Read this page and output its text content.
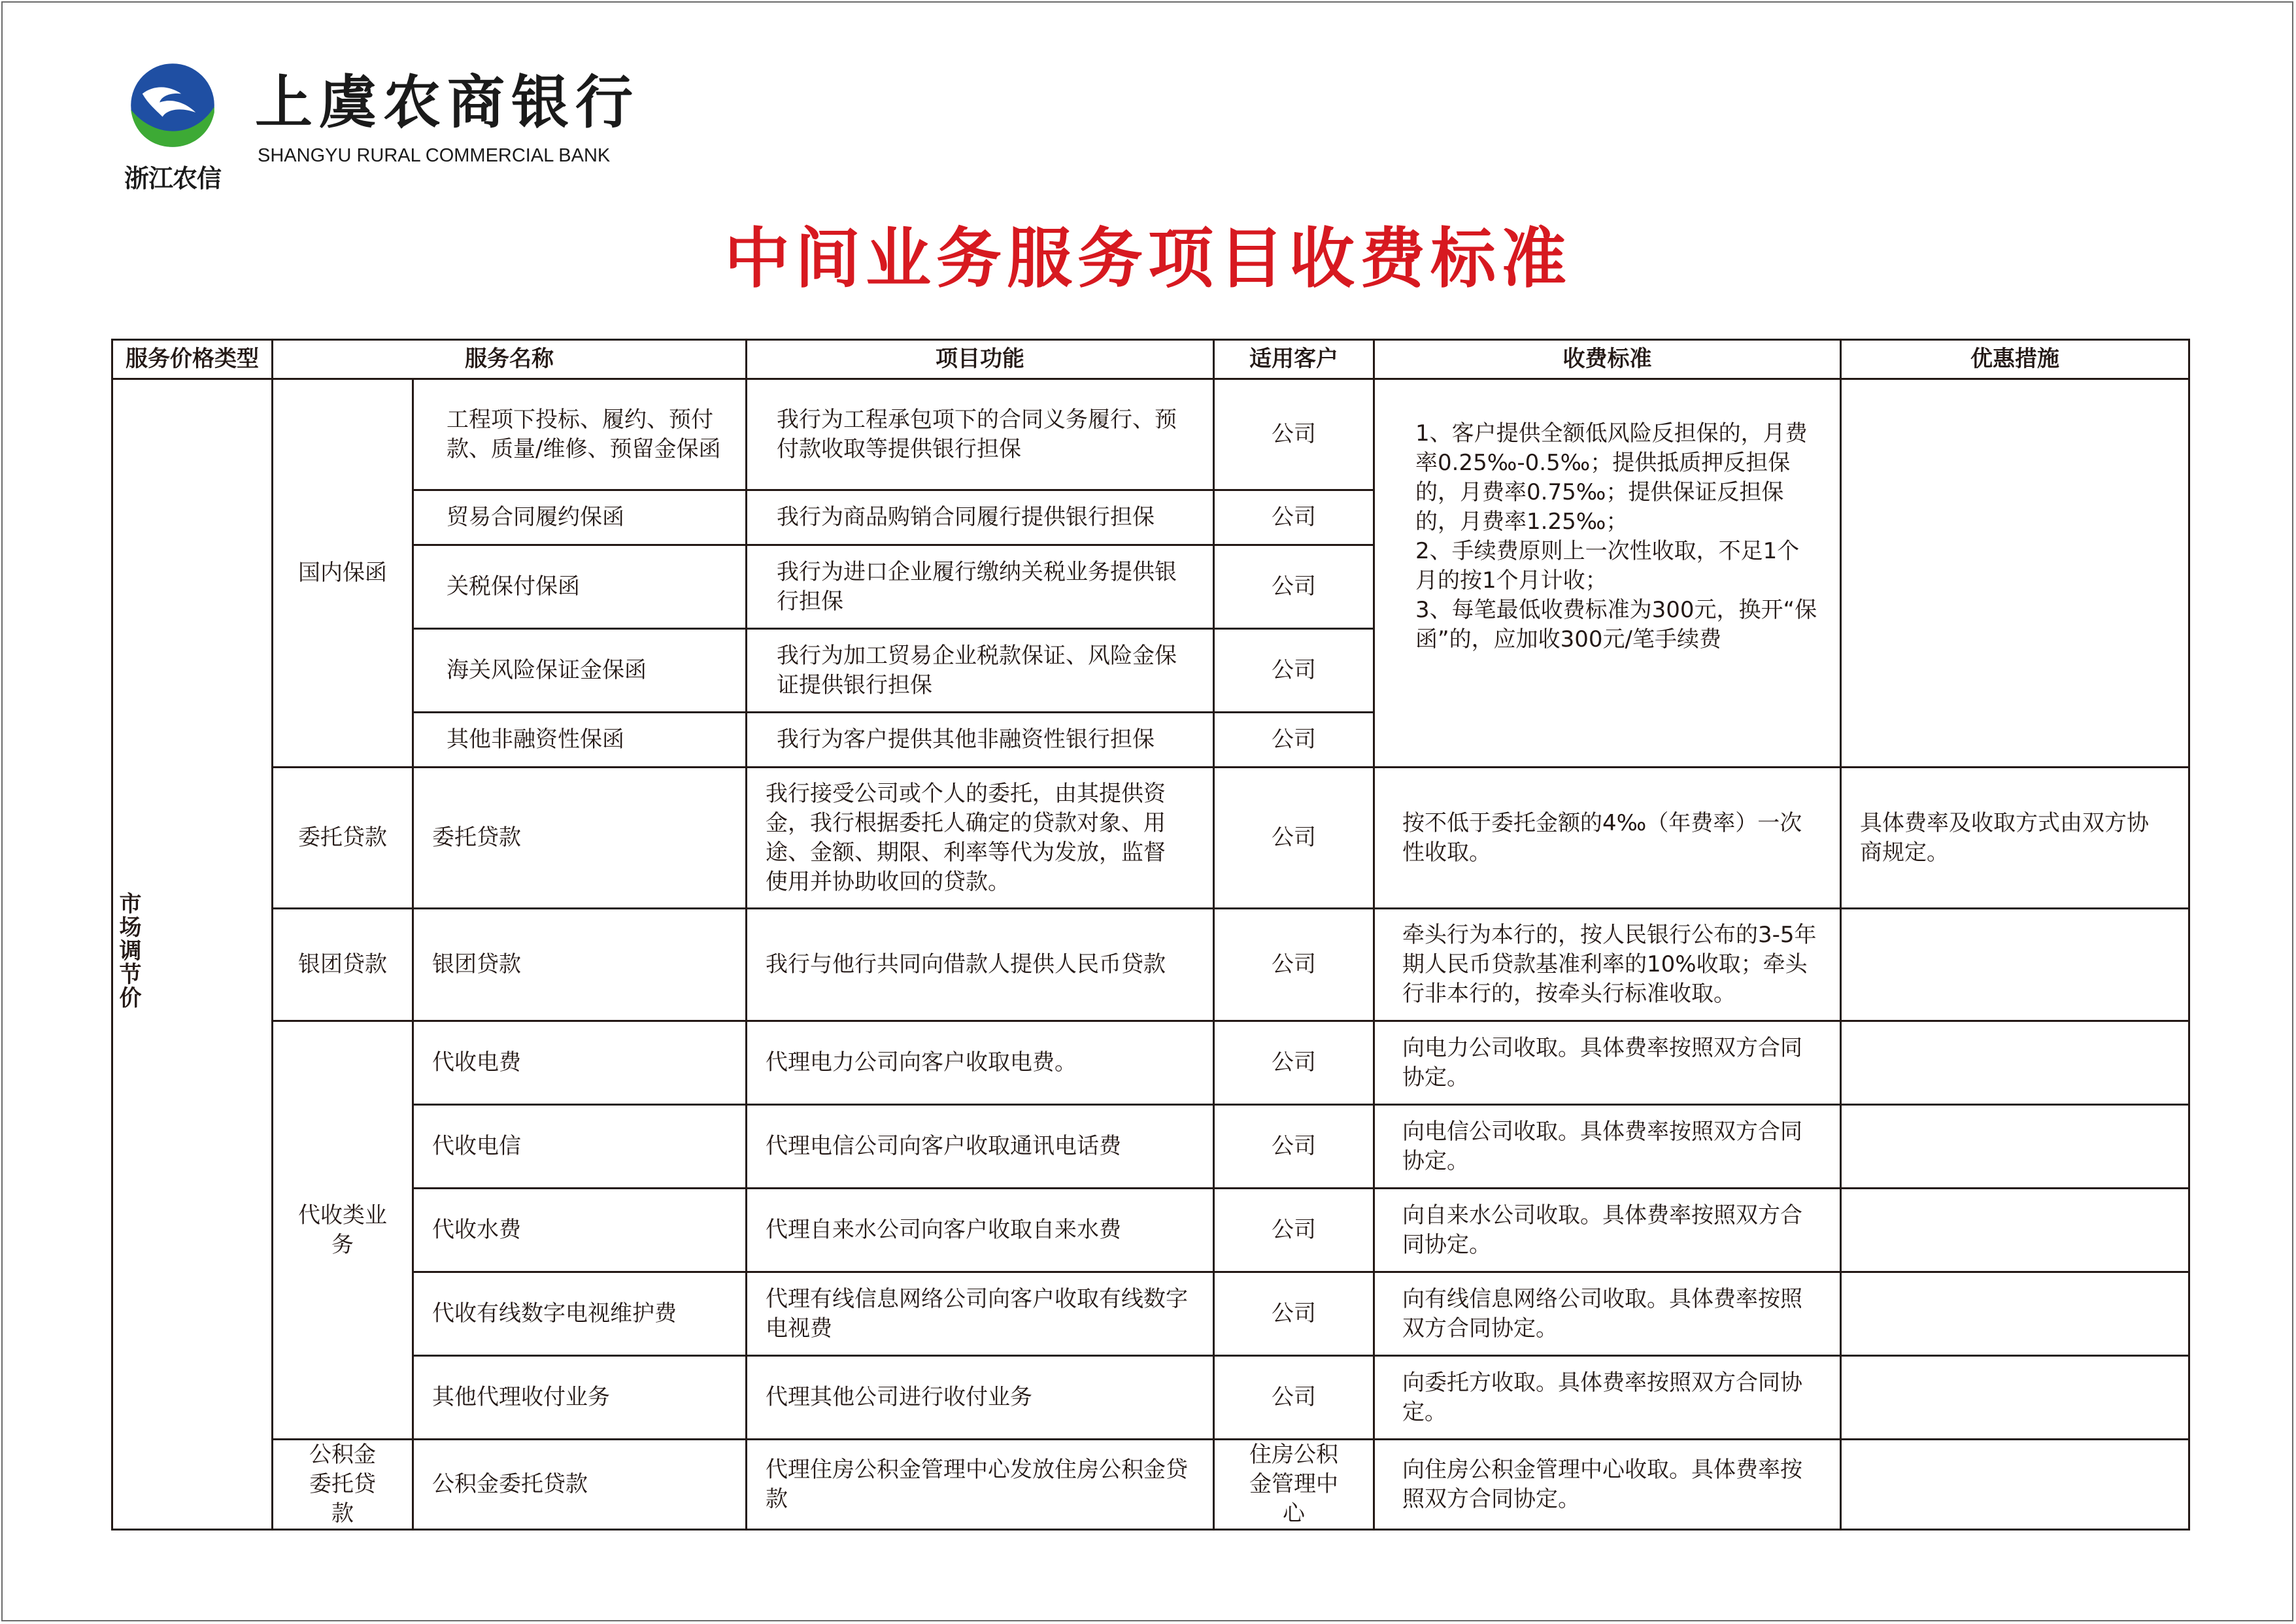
浙江农信
上虞农商银行
SHANGYU RURAL COMMERCIAL BANK
中间业务服务项目收费标准
服务价格类型	服务名称		项目功能	适用客户	收费标准	优惠措施
市场调节价	国内保函	工程项下投标、履约、预付款、质量/维修、预留金保函	我行为工程承包项下的合同义务履行、预付款收取等提供银行担保	公司	1、客户提供全额低风险反担保的，月费率0.25‰-0.5‰；提供抵质押反担保的，月费率0.75‰；提供保证反担保的，月费率1.25‰；
2、手续费原则上一次性收取，不足1个月的按1个月计收；
3、每笔最低收费标准为300元，换开“保函”的，应加收300元/笔手续费	
		贸易合同履约保函	我行为商品购销合同履行提供银行担保	公司		
		关税保付保函	我行为进口企业履行缴纳关税业务提供银行担保	公司		
		海关风险保证金保函	我行为加工贸易企业税款保证、风险金保证提供银行担保	公司		
		其他非融资性保函	我行为客户提供其他非融资性银行担保	公司		
	委托贷款	委托贷款	我行接受公司或个人的委托，由其提供资金，我行根据委托人确定的贷款对象、用途、金额、期限、利率等代为发放，监督使用并协助收回的贷款。	公司	按不低于委托金额的4‰（年费率）一次性收取。	具体费率及收取方式由双方协商规定。
	银团贷款	银团贷款	我行与他行共同向借款人提供人民币贷款	公司	牵头行为本行的，按人民银行公布的3-5年期人民币贷款基准利率的10%收取；牵头行非本行的，按牵头行标准收取。	
	代收类业务	代收电费	代理电力公司向客户收取电费。	公司	向电力公司收取。具体费率按照双方合同协定。	
		代收电信	代理电信公司向客户收取通讯电话费	公司	向电信公司收取。具体费率按照双方合同协定。	
		代收水费	代理自来水公司向客户收取自来水费	公司	向自来水公司收取。具体费率按照双方合同协定。	
		代收有线数字电视维护费	代理有线信息网络公司向客户收取有线数字电视费	公司	向有线信息网络公司收取。具体费率按照双方合同协定。	
		其他代理收付业务	代理其他公司进行收付业务	公司	向委托方收取。具体费率按照双方合同协定。	
	公积金委托贷款	公积金委托贷款	代理住房公积金管理中心发放住房公积金贷款	住房公积金管理中心	向住房公积金管理中心收取。具体费率按照双方合同协定。	
